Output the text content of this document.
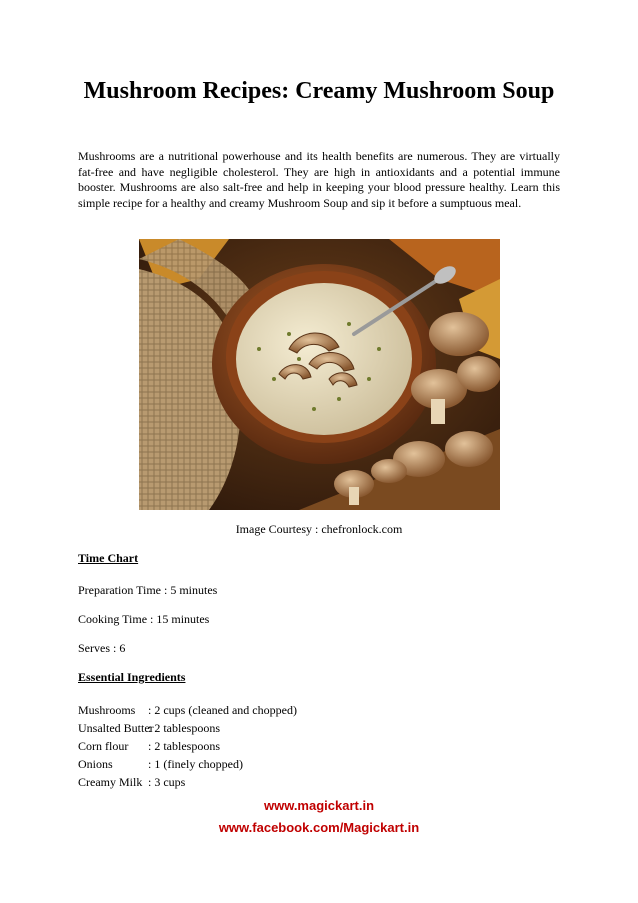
Mushroom Recipes: Creamy Mushroom Soup

Mushrooms are a nutritional powerhouse and its health benefits are numerous. They are virtually fat-free and have negligible cholesterol. They are high in antioxidants and a potential immune booster. Mushrooms are also salt-free and help in keeping your blood pressure healthy. Learn this simple recipe for a healthy and creamy Mushroom Soup and sip it before a sumptuous meal.

Image Courtesy : chefronlock.com
Time Chart
Preparation Time : 5 minutes
Cooking Time : 15 minutes
Serves : 6
Essential Ingredients
Mushrooms : 2 cups (cleaned and chopped)
Unsalted Butter
: 2 tablespoons
Corn flour : 2 tablespoons
Onions	: 1 (finely chopped)
Creamy Milk : 3 cups
www.magickart.in
www.facebook.com/Magickart.in
